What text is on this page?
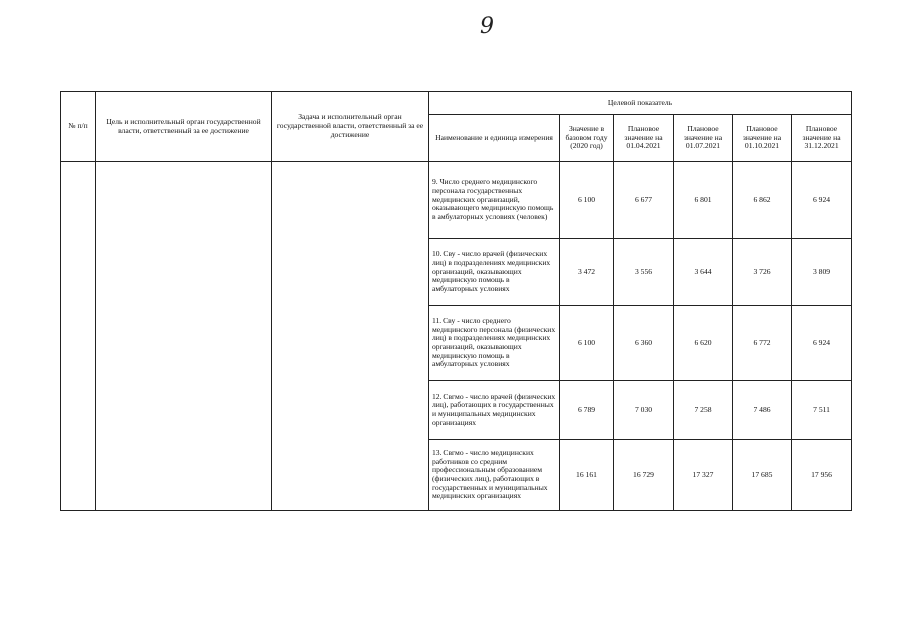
9
№ п/п	Цель и исполнительный орган государственной власти, ответственный за ее достижение	Задача и исполнительный орган государственной власти, ответственный за ее достижение	Целевой показатель					
			Наименование и единица измерения	Значение в базовом году (2020 год)	Плановое значение на 01.04.2021	Плановое значение на 01.07.2021	Плановое значение на 01.10.2021	Плановое значение на 31.12.2021
			9. Число среднего медицинского персонала государственных медицинских организаций, оказывающего медицинскую помощь в амбулаторных условиях (человек)	6 100	6 677	6 801	6 862	6 924
			10. Сву - число врачей (физических лиц) в подразделениях медицинских организаций, оказывающих медицинскую помощь в амбулаторных условиях	3 472	3 556	3 644	3 726	3 809
			11. Сву - число среднего медицинского персонала (физических лиц) в подразделениях медицинских организаций, оказывающих медицинскую помощь в амбулаторных условиях	6 100	6 360	6 620	6 772	6 924
			12. Свгмо - число врачей (физических лиц), работающих в государственных и муниципальных медицинских организациях	6 789	7 030	7 258	7 486	7 511
			13. Свгмо - число медицинских работников со средним профессиональным образованием (физических лиц), работающих в государственных и муниципальных медицинских организациях	16 161	16 729	17 327	17 685	17 956
